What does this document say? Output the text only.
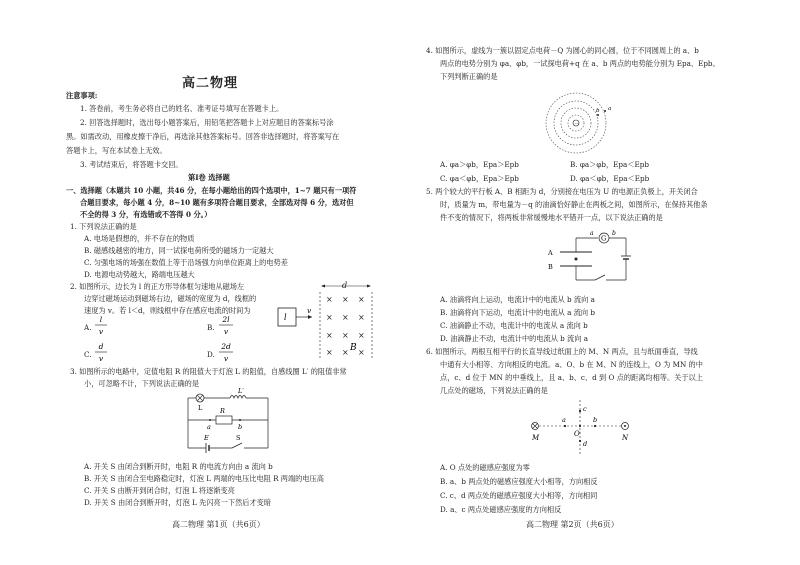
高二物理
注意事项:
1. 答卷前，考生务必将自己的姓名、准考证号填写在答题卡上。
2. 回答选择题时，选出每小题答案后，用铅笔把答题卡上对应题目的答案标号涂
黑。如需改动，用橡皮擦干净后，再选涂其他答案标号。回答非选择题时，将答案写在
答题卡上，写在本试卷上无效。
3. 考试结束后，将答题卡交回。
第Ⅰ卷 选择题
一、选择题（本题共 10 小题，共46 分，在每小题给出的四个选项中，1~7 题只有一项符
合题目要求，每小题 4 分，8~10 题有多项符合题目要求，全部选对得 6 分，选对但
不全的得 3 分，有选错或不答得 0 分。）
1. 下列说法正确的是
A. 电场是假想的，并不存在的物质
B. 磁感线越密的地方，同一试探电荷所受的磁场力一定越大
C. 匀强电场的场强在数值上等于沿场强方向单位距离上的电势差
D. 电源电动势越大，路端电压越大
2. 如图所示，边长为 l 的正方形导体框匀速地从磁场左
边穿过磁场运动到磁场右边，磁场的宽度为 d，线框的
速度为 v。若 l＜d，则线框中存在感应电流的时间为
A.
l
v	B.
2l
v
C.
d
v	D.
2d
v
l
v
d
× × ×
× × ×
× × ×
× × ×
B
3. 如图所示的电路中，定值电阻 R 的阻值大于灯泡 L 的阻值，自感线圈 L′ 的阻值非常
小，可忽略不计，下列说法正确的是
L
L′
R
a	b
E	S
A. 开关 S 由闭合到断开时，电阻 R 的电流方向由 a 流向 b
B. 开关 S 由闭合至电路稳定时，灯泡 L 两端的电压比电阻 R 两端的电压高
C. 开关 S 由断开到闭合时，灯泡 L 将逐渐变亮
D. 开关 S 由闭合到断开时，灯泡 L 先闪亮一下然后才变暗
高二物理 第1页（共6页）
4. 如图所示，虚线为一簇以固定点电荷－Q 为圆心的同心圆，位于不同圆周上的 a、b
两点的电势分别为 φa、φb，一试探电荷+q 在 a、b 两点的电势能分别为 Epa、Epb。
下列判断正确的是
－
b a
A. φa＞φb，Epa＞Epb	B. φa＞φb，Epa＜Epb
C. φa＜φb，Epa＞Epb	D. φa＜φb，Epa＜Epb
5. 两个较大的平行板 A、B 相距为 d，分别接在电压为 U 的电源正负极上，开关闭合
时，质量为 m，带电量为－q 的油滴恰好静止在两板之间，如图所示，在保持其他条
件不变的情况下，将两板非常缓慢地水平错开一点，以下说法正确的是
A
B
G
a	b
A. 油滴将向上运动，电流计中的电流从 b 流向 a
B. 油滴将向下运动，电流计中的电流从 a 流向 b
C. 油滴静止不动，电流计中的电流从 a 流向 b
D. 油滴静止不动，电流计中的电流从 b 流向 a
6. 如图所示，两根互相平行的长直导线过纸面上的 M、N 两点，且与纸面垂直，导线
中通有大小相等、方向相反的电流。a、O、b 在 M、N 的连线上，O 为 MN 的中
点，c、d 位于 MN 的中垂线上，且 a、b、c、d 到 O 点的距离均相等。关于以上
几点处的磁场，下列说法正确的是
M	N
a
O
b
c
d
A. O 点处的磁感应强度为零
B. a、b 两点处的磁感应强度大小相等，方向相反
C. c、d 两点处的磁感应强度大小相等，方向相同
D. a、c 两点处磁感应强度的方向相反
高二物理 第2页（共6页）
